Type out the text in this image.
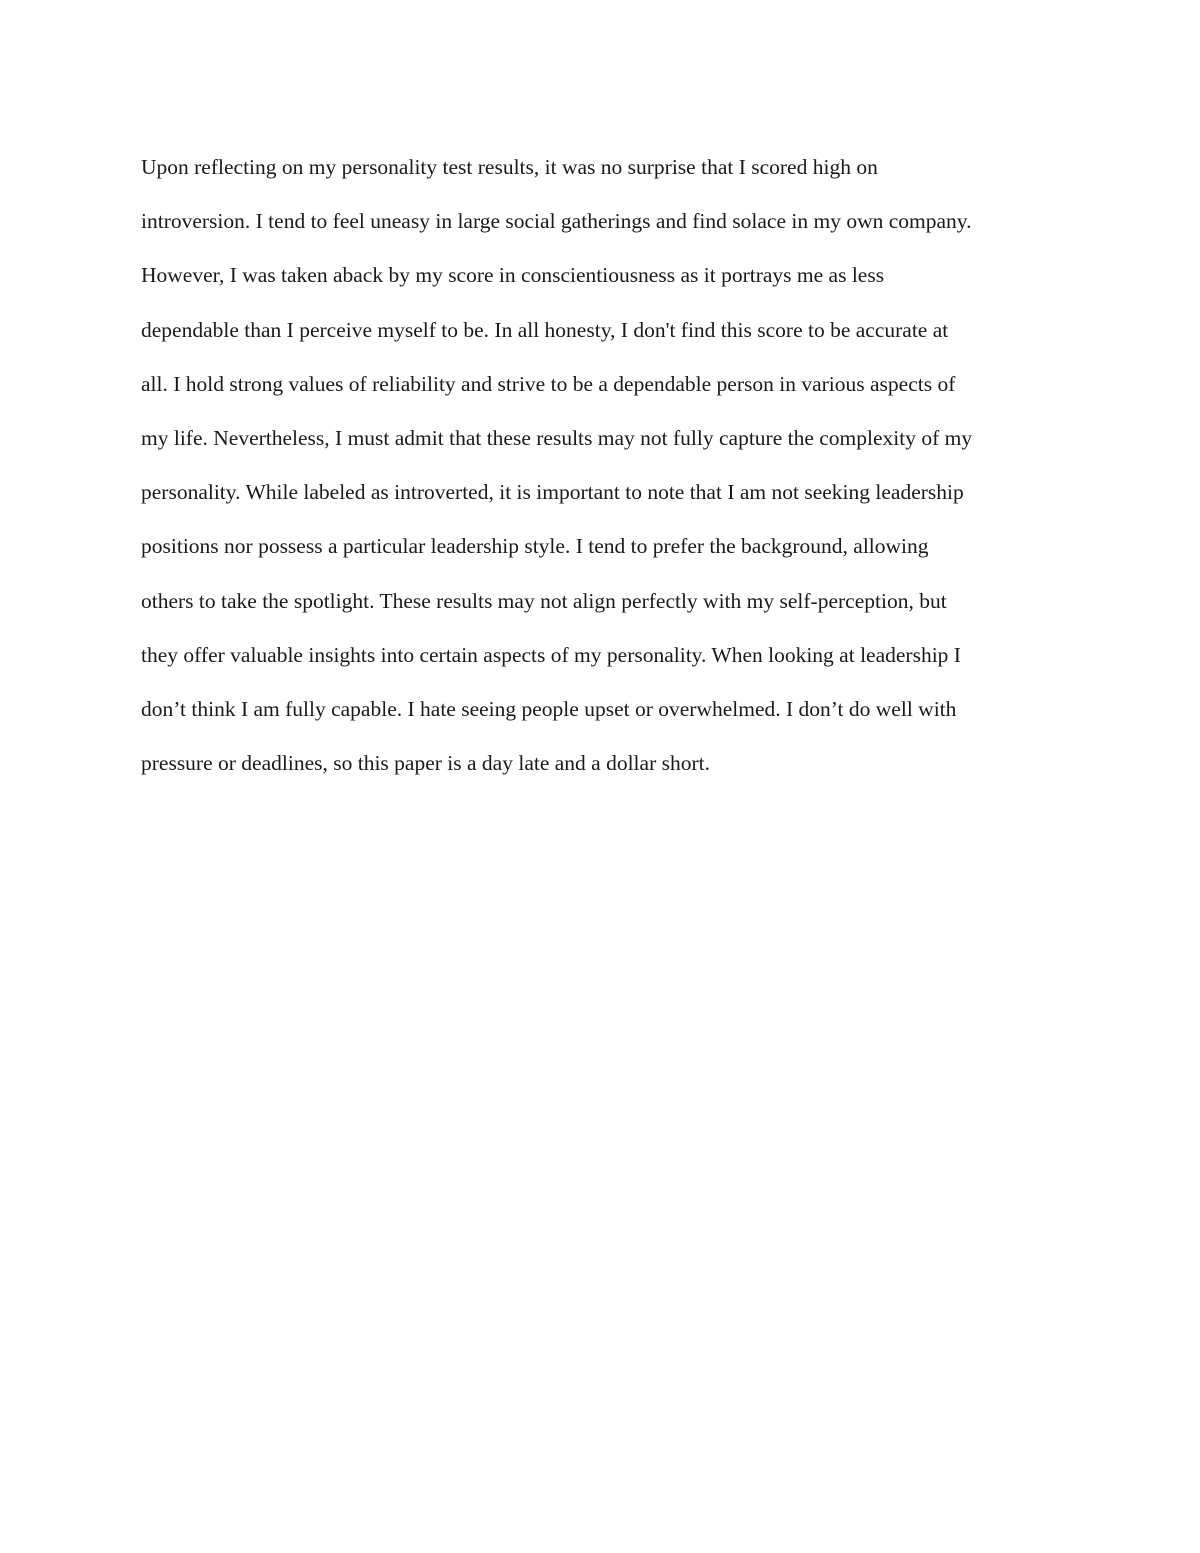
Upon reflecting on my personality test results, it was no surprise that I scored high on
introversion. I tend to feel uneasy in large social gatherings and find solace in my own company.
However, I was taken aback by my score in conscientiousness as it portrays me as less
dependable than I perceive myself to be. In all honesty, I don't find this score to be accurate at
all. I hold strong values of reliability and strive to be a dependable person in various aspects of
my life. Nevertheless, I must admit that these results may not fully capture the complexity of my
personality. While labeled as introverted, it is important to note that I am not seeking leadership
positions nor possess a particular leadership style. I tend to prefer the background, allowing
others to take the spotlight. These results may not align perfectly with my self-perception, but
they offer valuable insights into certain aspects of my personality. When looking at leadership I
don’t think I am fully capable. I hate seeing people upset or overwhelmed. I don’t do well with
pressure or deadlines, so this paper is a day late and a dollar short.
